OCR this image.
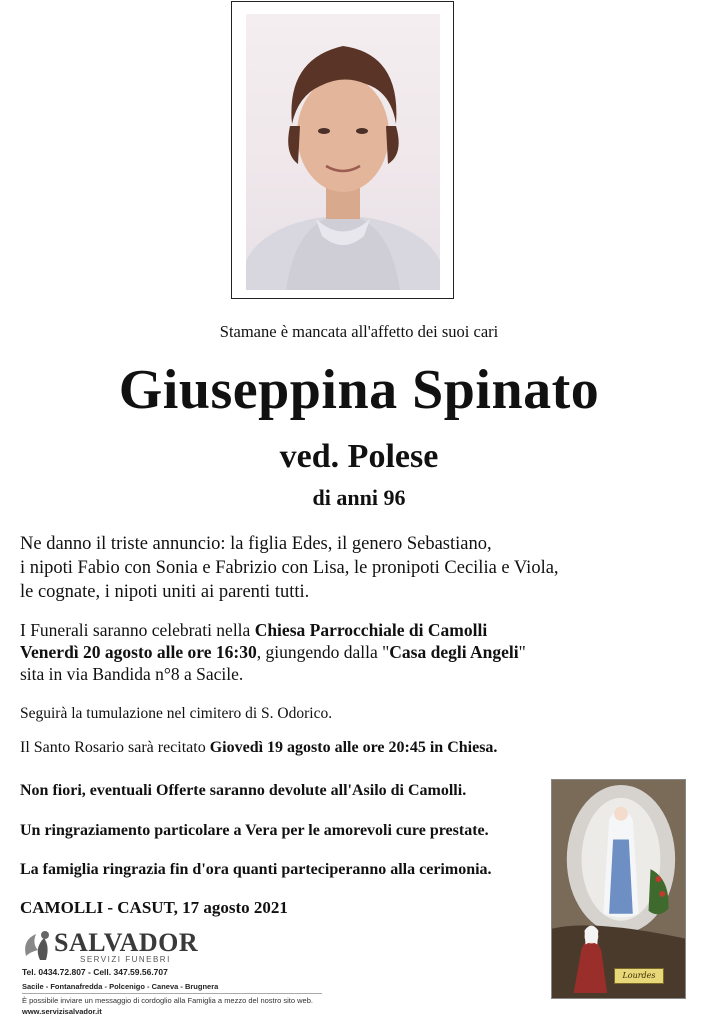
Stamane è mancata all'affetto dei suoi cari
Giuseppina Spinato
ved. Polese
di anni 96
Ne danno il triste annuncio: la figlia Edes, il genero Sebastiano,
i nipoti Fabio con Sonia e Fabrizio con Lisa, le pronipoti Cecilia e Viola,
le cognate, i nipoti uniti ai parenti tutti.
I Funerali saranno celebrati nella Chiesa Parrocchiale di Camolli
Venerdì 20 agosto alle ore 16:30, giungendo dalla "Casa degli Angeli"
sita in via Bandida n°8 a Sacile.
Seguirà la tumulazione nel cimitero di S. Odorico.
Il Santo Rosario sarà recitato Giovedì 19 agosto alle ore 20:45 in Chiesa.
Non fiori, eventuali Offerte saranno devolute all'Asilo di Camolli.
Un ringraziamento particolare a Vera per le amorevoli cure prestate.
La famiglia ringrazia fin d'ora quanti parteciperanno alla cerimonia.
CAMOLLI - CASUT, 17 agosto 2021
SALVADOR
SERVIZI FUNEBRI
Tel. 0434.72.807 - Cell. 347.59.56.707
Sacile - Fontanafredda - Polcenigo - Caneva - Brugnera
È possibile inviare un messaggio di cordoglio alla Famiglia a mezzo del nostro sito web.
www.servizisalvador.it
Lourdes
